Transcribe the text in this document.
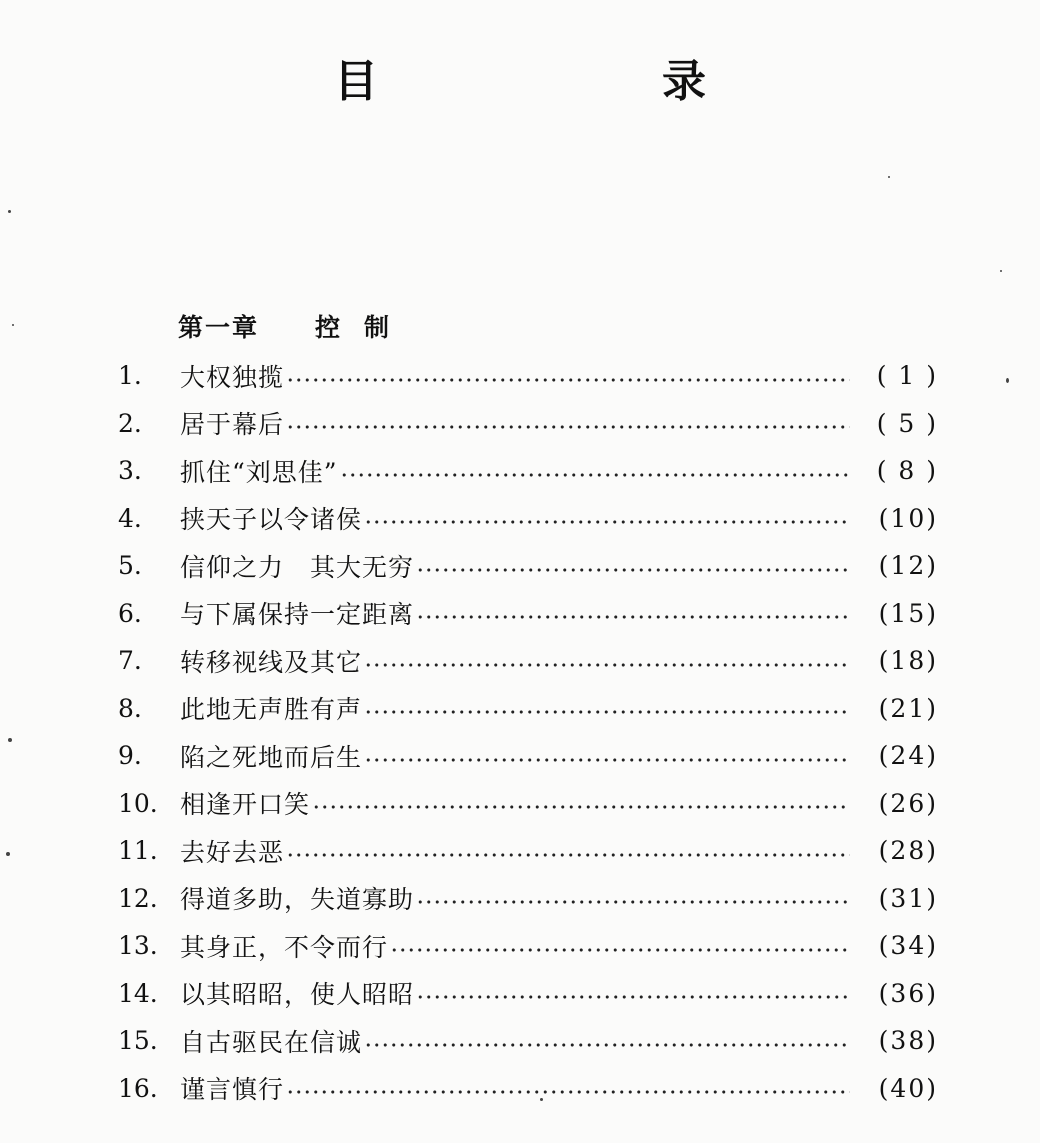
目　录
第一章 控制
1.	大权独揽	( 1 )
2.	居于幕后	( 5 )
3.	抓住“刘思佳”	( 8 )
4.	挟天子以令诸侯	(10)
5.	信仰之力　其大无穷	(12)
6.	与下属保持一定距离	(15)
7.	转移视线及其它	(18)
8.	此地无声胜有声	(21)
9.	陷之死地而后生	(24)
10. 相逢开口笑	(26)
11. 去好去恶	(28)
12. 得道多助，失道寡助	(31)
13. 其身正，不令而行	(34)
14. 以其昭昭，使人昭昭	(36)
15. 自古驱民在信诚	(38)
16. 谨言慎行	(40)
